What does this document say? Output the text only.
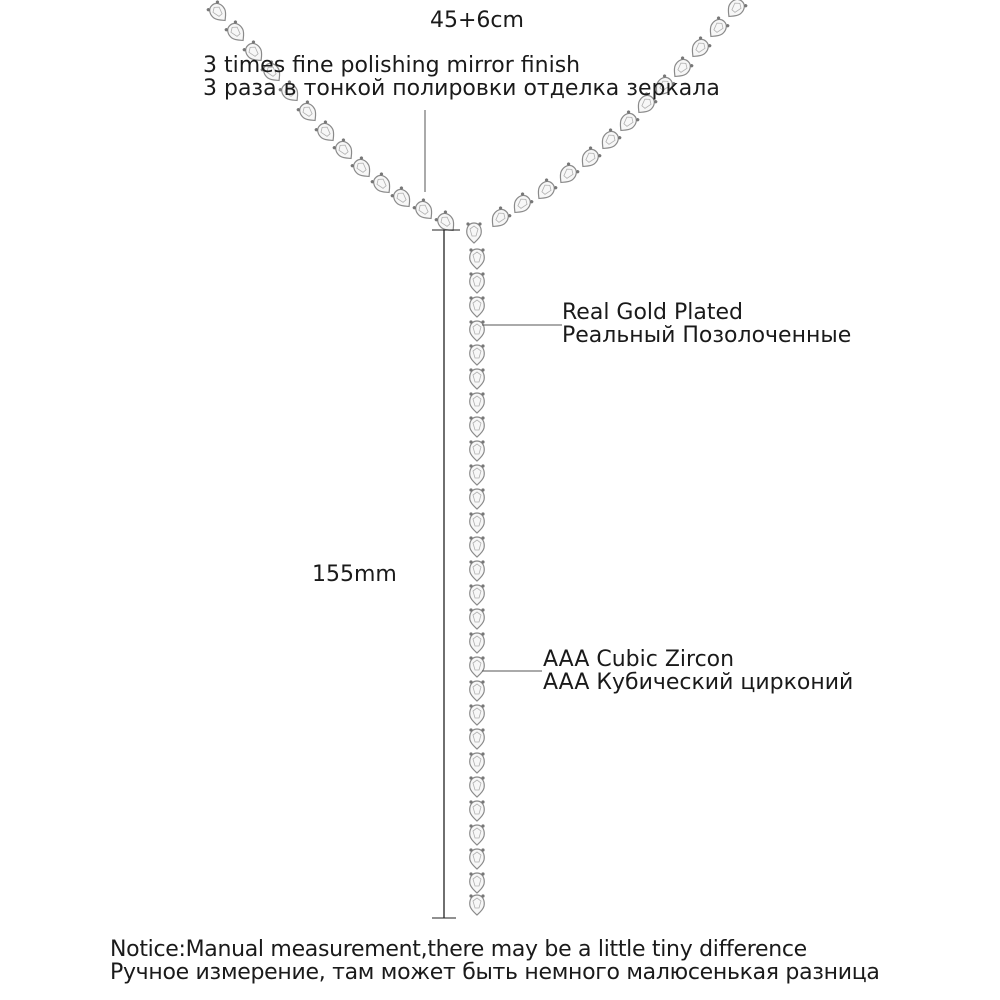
45+6cm
3 times fine polishing mirror finish
3 раза в тонкой полировки отделка зеркала
Real Gold Plated
Реальный Позолоченные
AAA Cubic Zircon
AAA Кубический цирконий
155mm
Notice:Manual measurement,there may be a little tiny difference
Ручное измерение, там может быть немного малюсенькая разница
